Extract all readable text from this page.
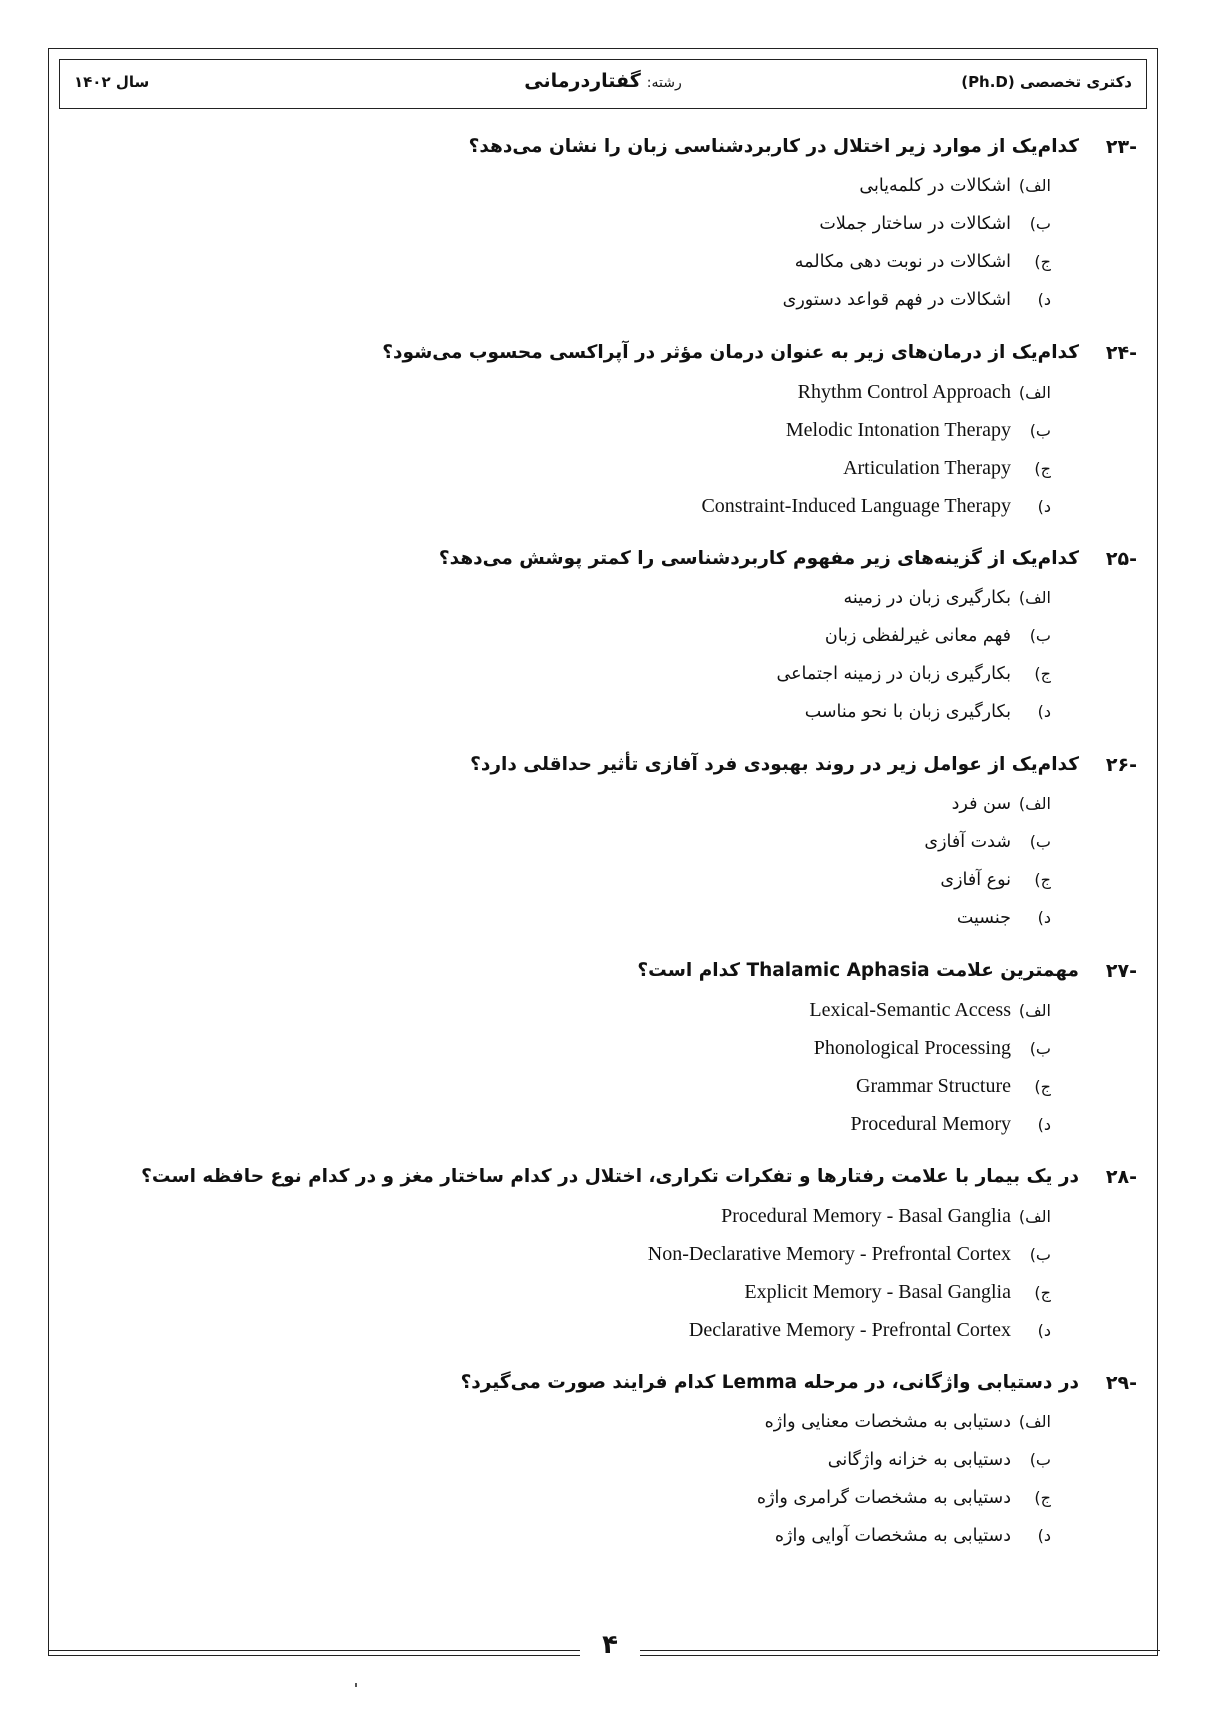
دکتری تخصصی (Ph.D)
رشته:گفتاردرمانی
سال ۱۴۰۲
-۲۳
کدام‌یک از موارد زیر اختلال در کاربردشناسی زبان را نشان می‌دهد؟
الف)اشکالات در کلمه‌یابی
ب)اشکالات در ساختار جملات
ج)اشکالات در نوبت دهی مکالمه
د)اشکالات در فهم قواعد دستوری
-۲۴
کدام‌یک از درمان‌های زیر به عنوان درمان مؤثر در آپراکسی محسوب می‌شود؟
الف)Rhythm Control Approach
ب)Melodic Intonation Therapy
ج)Articulation Therapy
د)Constraint-Induced Language Therapy
-۲۵
کدام‌یک از گزینه‌های زیر مفهوم کاربردشناسی را کمتر پوشش می‌دهد؟
الف)بکارگیری زبان در زمینه
ب)فهم معانی غیرلفظی زبان
ج)بکارگیری زبان در زمینه اجتماعی
د)بکارگیری زبان با نحو مناسب
-۲۶
کدام‌یک از عوامل زیر در روند بهبودی فرد آفازی تأثیر حداقلی دارد؟
الف)سن فرد
ب)شدت آفازی
ج)نوع آفازی
د)جنسیت
-۲۷
مهمترین علامت Thalamic Aphasia کدام است؟
الف)Lexical-Semantic Access
ب)Phonological Processing
ج)Grammar Structure
د)Procedural Memory
-۲۸
در یک بیمار با علامت رفتارها و تفکرات تکراری، اختلال در کدام ساختار مغز و در کدام نوع حافظه است؟
الف)Procedural Memory - Basal Ganglia
ب)Non-Declarative Memory - Prefrontal Cortex
ج)Explicit Memory - Basal Ganglia
د)Declarative Memory - Prefrontal Cortex
-۲۹
در دستیابی واژگانی، در مرحله Lemma کدام فرایند صورت می‌گیرد؟
الف)دستیابی به مشخصات معنایی واژه
ب)دستیابی به خزانه واژگانی
ج)دستیابی به مشخصات گرامری واژه
د)دستیابی به مشخصات آوایی واژه
۴
